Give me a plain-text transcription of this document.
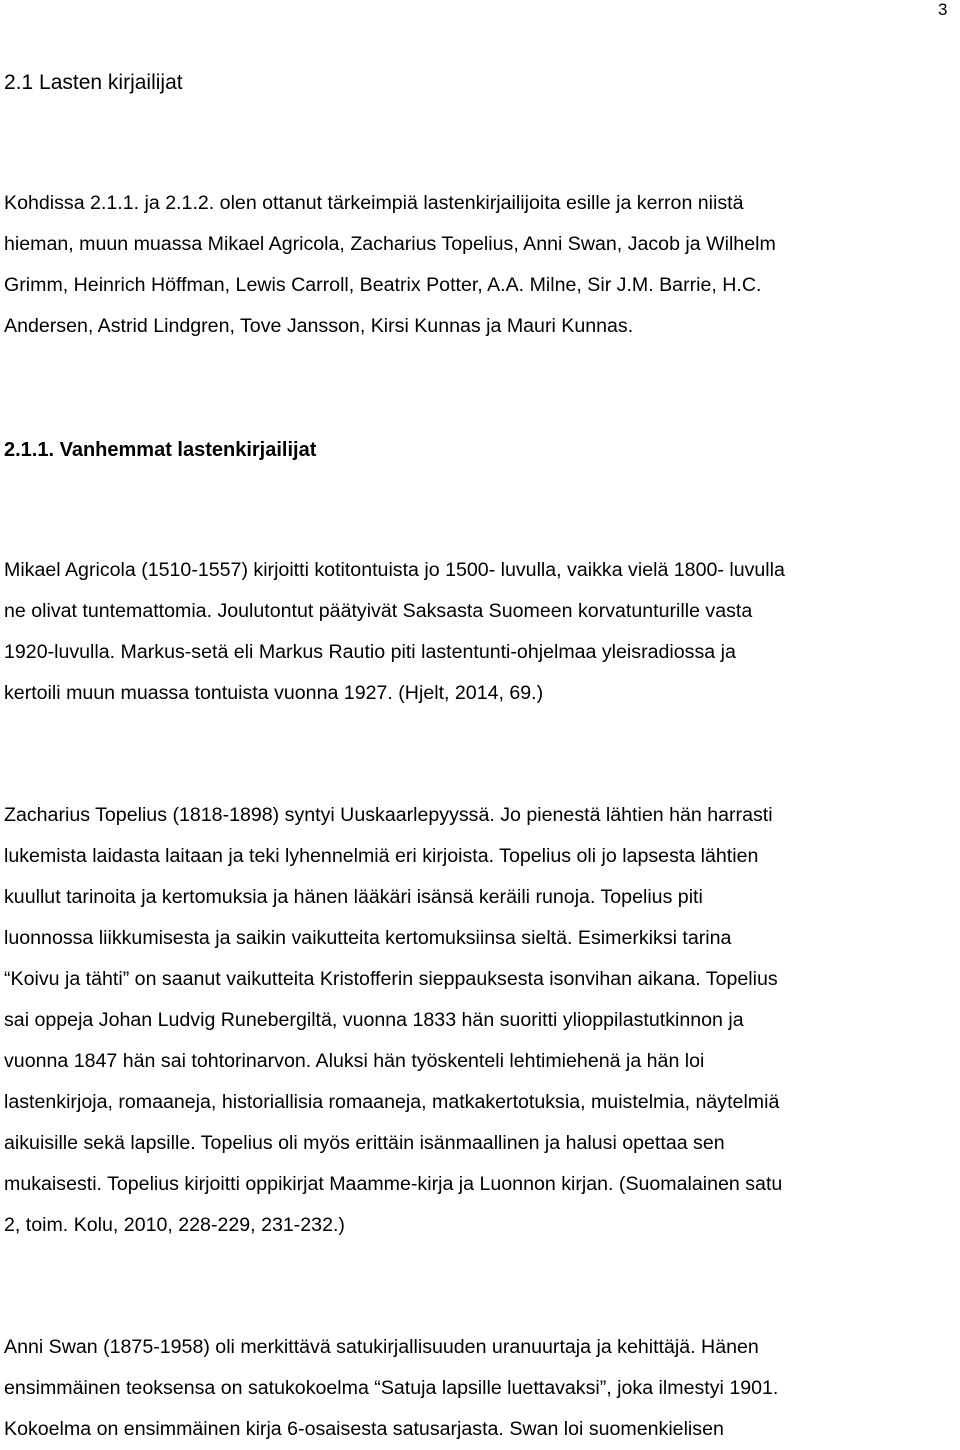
3
2.1 Lasten kirjailijat
Kohdissa 2.1.1. ja 2.1.2. olen ottanut tärkeimpiä lastenkirjailijoita esille ja kerron niistä
hieman, muun muassa Mikael Agricola, Zacharius Topelius, Anni Swan, Jacob ja Wilhelm
Grimm, Heinrich Höffman, Lewis Carroll, Beatrix Potter, A.A. Milne, Sir J.M. Barrie, H.C.
Andersen, Astrid Lindgren, Tove Jansson, Kirsi Kunnas ja Mauri Kunnas.
2.1.1. Vanhemmat lastenkirjailijat
Mikael Agricola (1510-1557) kirjoitti kotitontuista jo 1500- luvulla, vaikka vielä 1800- luvulla
ne olivat tuntemattomia. Joulutontut päätyivät Saksasta Suomeen korvatunturille vasta
1920-luvulla. Markus-setä eli Markus Rautio piti lastentunti-ohjelmaa yleisradiossa ja
kertoili muun muassa tontuista vuonna 1927. (Hjelt, 2014, 69.)
Zacharius Topelius (1818-1898) syntyi Uuskaarlepyyssä. Jo pienestä lähtien hän harrasti
lukemista laidasta laitaan ja teki lyhennelmiä eri kirjoista. Topelius oli jo lapsesta lähtien
kuullut tarinoita ja kertomuksia ja hänen lääkäri isänsä keräili runoja. Topelius piti
luonnossa liikkumisesta ja saikin vaikutteita kertomuksiinsa sieltä. Esimerkiksi tarina
“Koivu ja tähti” on saanut vaikutteita Kristofferin sieppauksesta isonvihan aikana. Topelius
sai oppeja Johan Ludvig Runebergiltä, vuonna 1833 hän suoritti ylioppilastutkinnon ja
vuonna 1847 hän sai tohtorinarvon. Aluksi hän työskenteli lehtimiehenä ja hän loi
lastenkirjoja, romaaneja, historiallisia romaaneja, matkakertotuksia, muistelmia, näytelmiä
aikuisille sekä lapsille. Topelius oli myös erittäin isänmaallinen ja halusi opettaa sen
mukaisesti. Topelius kirjoitti oppikirjat Maamme-kirja ja Luonnon kirjan. (Suomalainen satu
2, toim. Kolu, 2010, 228-229, 231-232.)
Anni Swan (1875-1958) oli merkittävä satukirjallisuuden uranuurtaja ja kehittäjä. Hänen
ensimmäinen teoksensa on satukokoelma “Satuja lapsille luettavaksi”, joka ilmestyi 1901.
Kokoelma on ensimmäinen kirja 6-osaisesta satusarjasta. Swan loi suomenkielisen
